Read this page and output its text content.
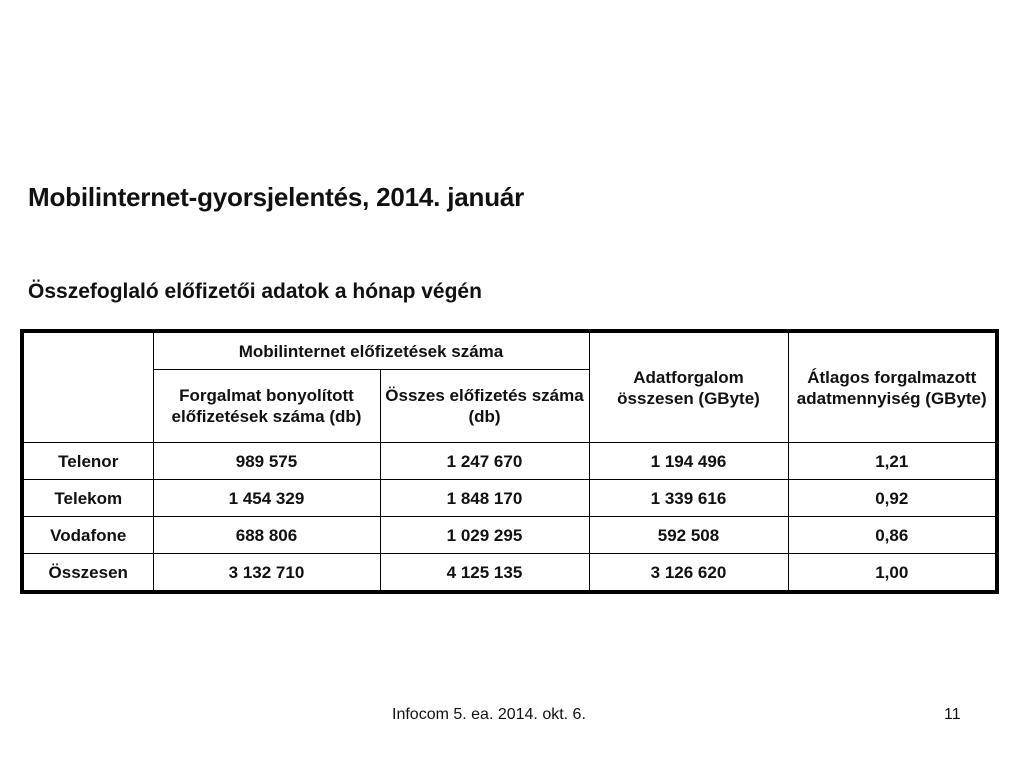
Mobilinternet-gyorsjelentés, 2014. január
Összefoglaló előfizetői adatok a hónap végén
	Mobilinternet előfizetések száma		Adatforgalom összesen (GByte)	Átlagos forgalmazott adatmennyiség (GByte)
	Forgalmat bonyolított előfizetések száma (db)	Összes előfizetés száma (db)		
Telenor	989 575	1 247 670	1 194 496	1,21
Telekom	1 454 329	1 848 170	1 339 616	0,92
Vodafone	688 806	1 029 295	592 508	0,86
Összesen	3 132 710	4 125 135	3 126 620	1,00
Infocom 5. ea. 2014. okt. 6.	11
